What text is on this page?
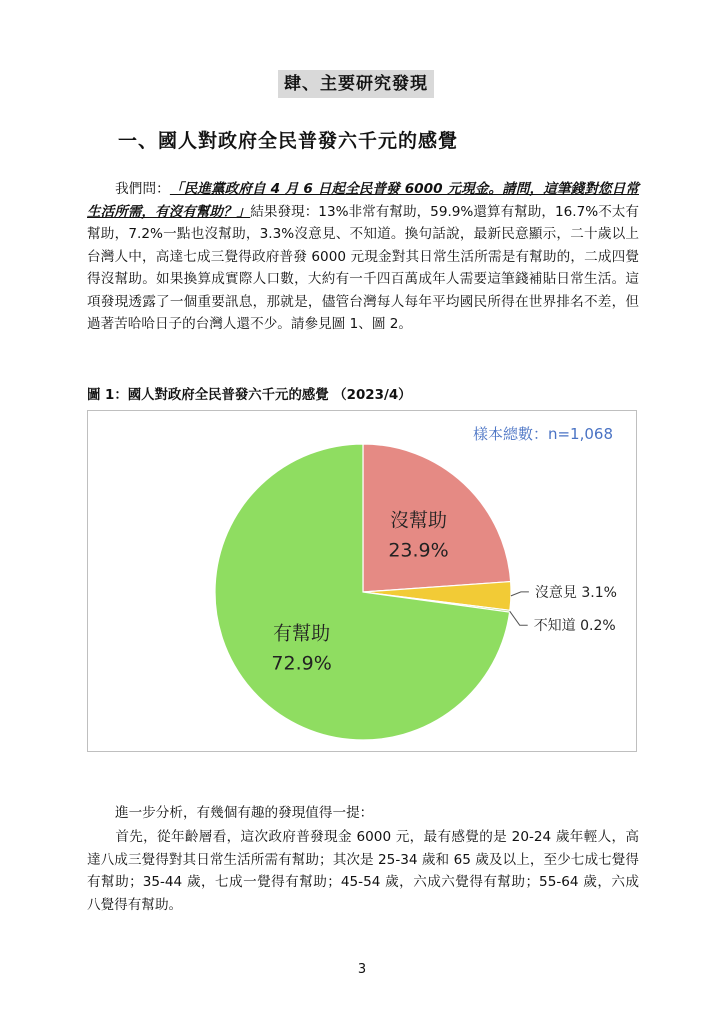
肆、主要研究發現
一、國人對政府全民普發六千元的感覺
我們問：「民進黨政府自 4 月 6 日起全民普發 6000 元現金。請問，這筆錢對您日常生活所需，有沒有幫助？」結果發現：13%非常有幫助，59.9%還算有幫助，16.7%不太有幫助，7.2%一點也沒幫助，3.3%沒意見、不知道。換句話說，最新民意顯示，二十歲以上台灣人中，高達七成三覺得政府普發 6000 元現金對其日常生活所需是有幫助的，二成四覺得沒幫助。如果換算成實際人口數，大約有一千四百萬成年人需要這筆錢補貼日常生活。這項發現透露了一個重要訊息，那就是，儘管台灣每人每年平均國民所得在世界排名不差，但過著苦哈哈日子的台灣人還不少。請參見圖 1、圖 2。
圖 1：國人對政府全民普發六千元的感覺 （2023/4）
樣本總數：n=1,068
沒幫助
23.9%
沒意見 3.1%
不知道 0.2%
有幫助
72.9%
進一步分析，有幾個有趣的發現值得一提：
首先，從年齡層看，這次政府普發現金 6000 元，最有感覺的是 20-24 歲年輕人，高達八成三覺得對其日常生活所需有幫助；其次是 25-34 歲和 65 歲及以上，至少七成七覺得有幫助；35-44 歲，七成一覺得有幫助；45-54 歲，六成六覺得有幫助；55-64 歲，六成八覺得有幫助。
3
